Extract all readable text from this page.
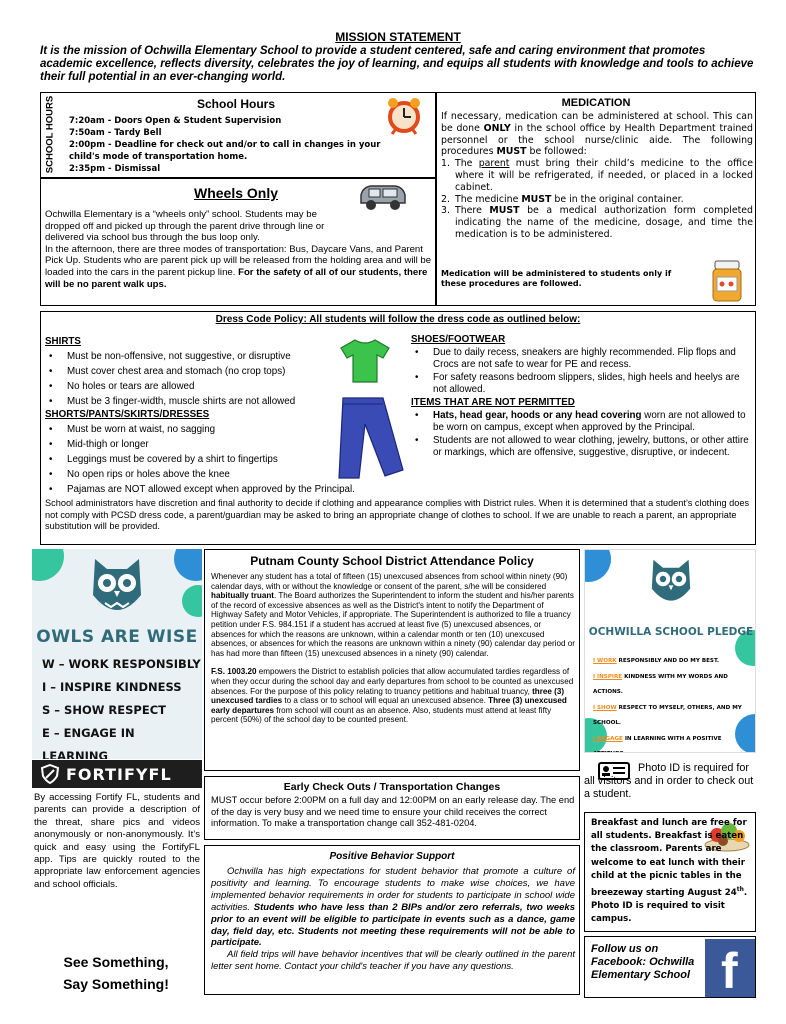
MISSION STATEMENT
It is the mission of Ochwilla Elementary School to provide a student centered, safe and caring environment that promotes academic excellence, reflects diversity, celebrates the joy of learning, and equips all students with knowledge and tools to achieve their full potential in an ever-changing world.
SCHOOL HOURS	School Hours
7:20am - Doors Open & Student Supervision
7:50am - Tardy Bell
2:00pm - Deadline for check out and/or to call in changes in your child's mode of transportation home.
2:35pm - Dismissal
Wheels Only
Ochwilla Elementary is a “wheels only” school. Students may be dropped off and picked up through the parent drive through line or delivered via school bus through the bus loop only.
In the afternoon, there are three modes of transportation: Bus, Daycare Vans, and Parent Pick Up. Students who are parent pick up will be released from the holding area and will be loaded into the cars in the parent pickup line. For the safety of all of our students, there will be no parent walk ups.
MEDICATION
If necessary, medication can be administered at school. This can be done ONLY in the school office by Health Department trained personnel or the school nurse/clinic aide. The following procedures MUST be followed:
1. The parent must bring their child’s medicine to the office where it will be refrigerated, if needed, or placed in a locked cabinet.
2. The medicine MUST be in the original container.
3. There MUST be a medical authorization form completed indicating the name of the medicine, dosage, and time the medication is to be administered.
Medication will be administered to students only if these procedures are followed.
Dress Code Policy: All students will follow the dress code as outlined below:
SHIRTS
• Must be non-offensive, not suggestive, or disruptive
• Must cover chest area and stomach (no crop tops)
• No holes or tears are allowed
• Must be 3 finger-width, muscle shirts are not allowed
SHORTS/PANTS/SKIRTS/DRESSES
• Must be worn at waist, no sagging
• Mid-thigh or longer
• Leggings must be covered by a shirt to fingertips
• No open rips or holes above the knee
• Pajamas are NOT allowed except when approved by the Principal.
SHOES/FOOTWEAR
• Due to daily recess, sneakers are highly recommended. Flip flops and Crocs are not safe to wear for PE and recess.
• For safety reasons bedroom slippers, slides, high heels and heelys are not allowed.
ITEMS THAT ARE NOT PERMITTED
• Hats, head gear, hoods or any head covering worn are not allowed to be worn on campus, except when approved by the Principal.
• Students are not allowed to wear clothing, jewelry, buttons, or other attire or markings, which are offensive, suggestive, disruptive, or indecent.
School administrators have discretion and final authority to decide if clothing and appearance complies with District rules. When it is determined that a student’s clothing does not comply with PCSD dress code, a parent/guardian may be asked to bring an appropriate change of clothes to school. If we are unable to reach a parent, an appropriate substitution will be provided.
OWLS ARE WISE
W – WORK RESPONSIBLY
I – INSPIRE KINDNESS
S – SHOW RESPECT
E – ENGAGE IN LEARNING
FORTIFYFL
By accessing Fortify FL, students and parents can provide a description of the threat, share pics and videos anonymously or non-anonymously. It’s quick and easy using the FortifyFL app. Tips are quickly routed to the appropriate law enforcement agencies and school officials.
See Something,
Say Something!
Putnam County School District Attendance Policy
Whenever any student has a total of fifteen (15) unexcused absences from school within ninety (90) calendar days, with or without the knowledge or consent of the parent, s/he will be considered habitually truant. The Board authorizes the Superintendent to inform the student and his/her parents of the record of excessive absences as well as the District's intent to notify the Department of Highway Safety and Motor Vehicles, if appropriate. The Superintendent is authorized to file a truancy petition under F.S. 984.151 if a student has accrued at least five (5) unexcused absences, or absences for which the reasons are unknown, within a calendar month or ten (10) unexcused absences, or absences for which the reasons are unknown within a ninety (90) calendar day period or has had more than fifteen (15) unexcused absences in a ninety (90) calendar.
F.S. 1003.20 empowers the District to establish policies that allow accumulated tardies regardless of when they occur during the school day and early departures from school to be counted as unexcused absences. For the purpose of this policy relating to truancy petitions and habitual truancy, three (3) unexcused tardies to a class or to school will equal an unexcused absence. Three (3) unexcused early departures from school will count as an absence. Also, students must attend at least fifty percent (50%) of the school day to be counted present.
OCHWILLA SCHOOL PLEDGE
I WORK RESPONSIBLY AND DO MY BEST.
I INSPIRE KINDNESS WITH MY WORDS AND ACTIONS.
I SHOW RESPECT TO MYSELF, OTHERS, AND MY SCHOOL.
I ENGAGE IN LEARNING WITH A POSITIVE
Photo ID is required for all visitors and in order to check out a student.
Early Check Outs / Transportation Changes
MUST occur before 2:00PM on a full day and 12:00PM on an early release day. The end of the day is very busy and we need time to ensure your child receives the correct information. To make a transportation change call 352-481-0204.
Positive Behavior Support
Ochwilla has high expectations for student behavior that promote a culture of positivity and learning. To encourage students to make wise choices, we have implemented behavior requirements in order for students to participate in school wide activities. Students who have less than 2 BIPs and/or zero referrals, two weeks prior to an event will be eligible to participate in events such as a dance, game day, field day, etc. Students not meeting these requirements will not be able to participate.
All field trips will have behavior incentives that will be clearly outlined in the parent letter sent home. Contact your child's teacher if you have any questions.
Breakfast and lunch are free for all students. Breakfast is eaten the classroom. Parents are welcome to eat lunch with their child at the picnic tables in the breezeway starting August 24th. Photo ID is required to visit campus.
Follow us on Facebook: Ochwilla Elementary School f
